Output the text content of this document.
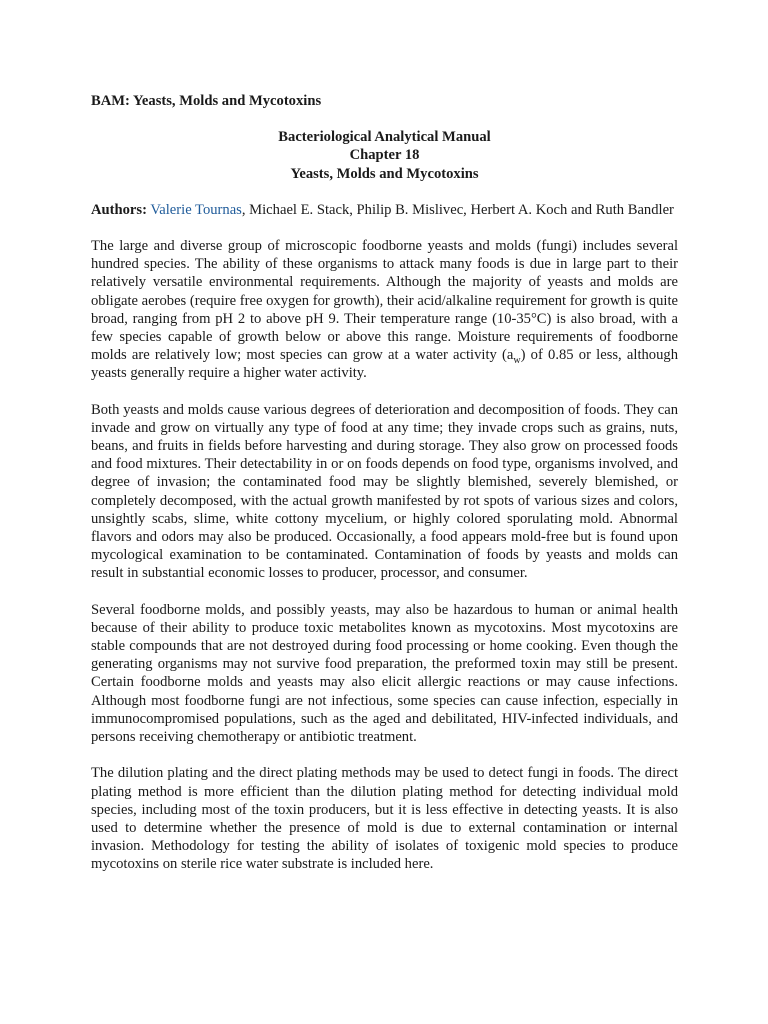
BAM: Yeasts, Molds and Mycotoxins
Bacteriological Analytical Manual
Chapter 18
Yeasts, Molds and Mycotoxins
Authors: Valerie Tournas, Michael E. Stack, Philip B. Mislivec, Herbert A. Koch and Ruth Bandler

The large and diverse group of microscopic foodborne yeasts and molds (fungi) includes several hundred species. The ability of these organisms to attack many foods is due in large part to their relatively versatile environmental requirements. Although the majority of yeasts and molds are obligate aerobes (require free oxygen for growth), their acid/alkaline requirement for growth is quite broad, ranging from pH 2 to above pH 9. Their temperature range (10-35°C) is also broad, with a few species capable of growth below or above this range. Moisture requirements of foodborne molds are relatively low; most species can grow at a water activity $(a_w)$ of 0.85 or less, although yeasts generally require a higher water activity.

Both yeasts and molds cause various degrees of deterioration and decomposition of foods. They can invade and grow on virtually any type of food at any time; they invade crops such as grains, nuts, beans, and fruits in fields before harvesting and during storage. They also grow on processed foods and food mixtures. Their detectability in or on foods depends on food type, organisms involved, and degree of invasion; the contaminated food may be slightly blemished, severely blemished, or completely decomposed, with the actual growth manifested by rot spots of various sizes and colors, unsightly scabs, slime, white cottony mycelium, or highly colored sporulating mold. Abnormal flavors and odors may also be produced. Occasionally, a food appears mold-free but is found upon mycological examination to be contaminated. Contamination of foods by yeasts and molds can result in substantial economic losses to producer, processor, and consumer.

Several foodborne molds, and possibly yeasts, may also be hazardous to human or animal health because of their ability to produce toxic metabolites known as mycotoxins. Most mycotoxins are stable compounds that are not destroyed during food processing or home cooking. Even though the generating organisms may not survive food preparation, the preformed toxin may still be present. Certain foodborne molds and yeasts may also elicit allergic reactions or may cause infections. Although most foodborne fungi are not infectious, some species can cause infection, especially in immunocompromised populations, such as the aged and debilitated, HIV-infected individuals, and persons receiving chemotherapy or antibiotic treatment.

The dilution plating and the direct plating methods may be used to detect fungi in foods. The direct plating method is more efficient than the dilution plating method for detecting individual mold species, including most of the toxin producers, but it is less effective in detecting yeasts. It is also used to determine whether the presence of mold is due to external contamination or internal invasion. Methodology for testing the ability of isolates of toxigenic mold species to produce mycotoxins on sterile rice water substrate is included here.
